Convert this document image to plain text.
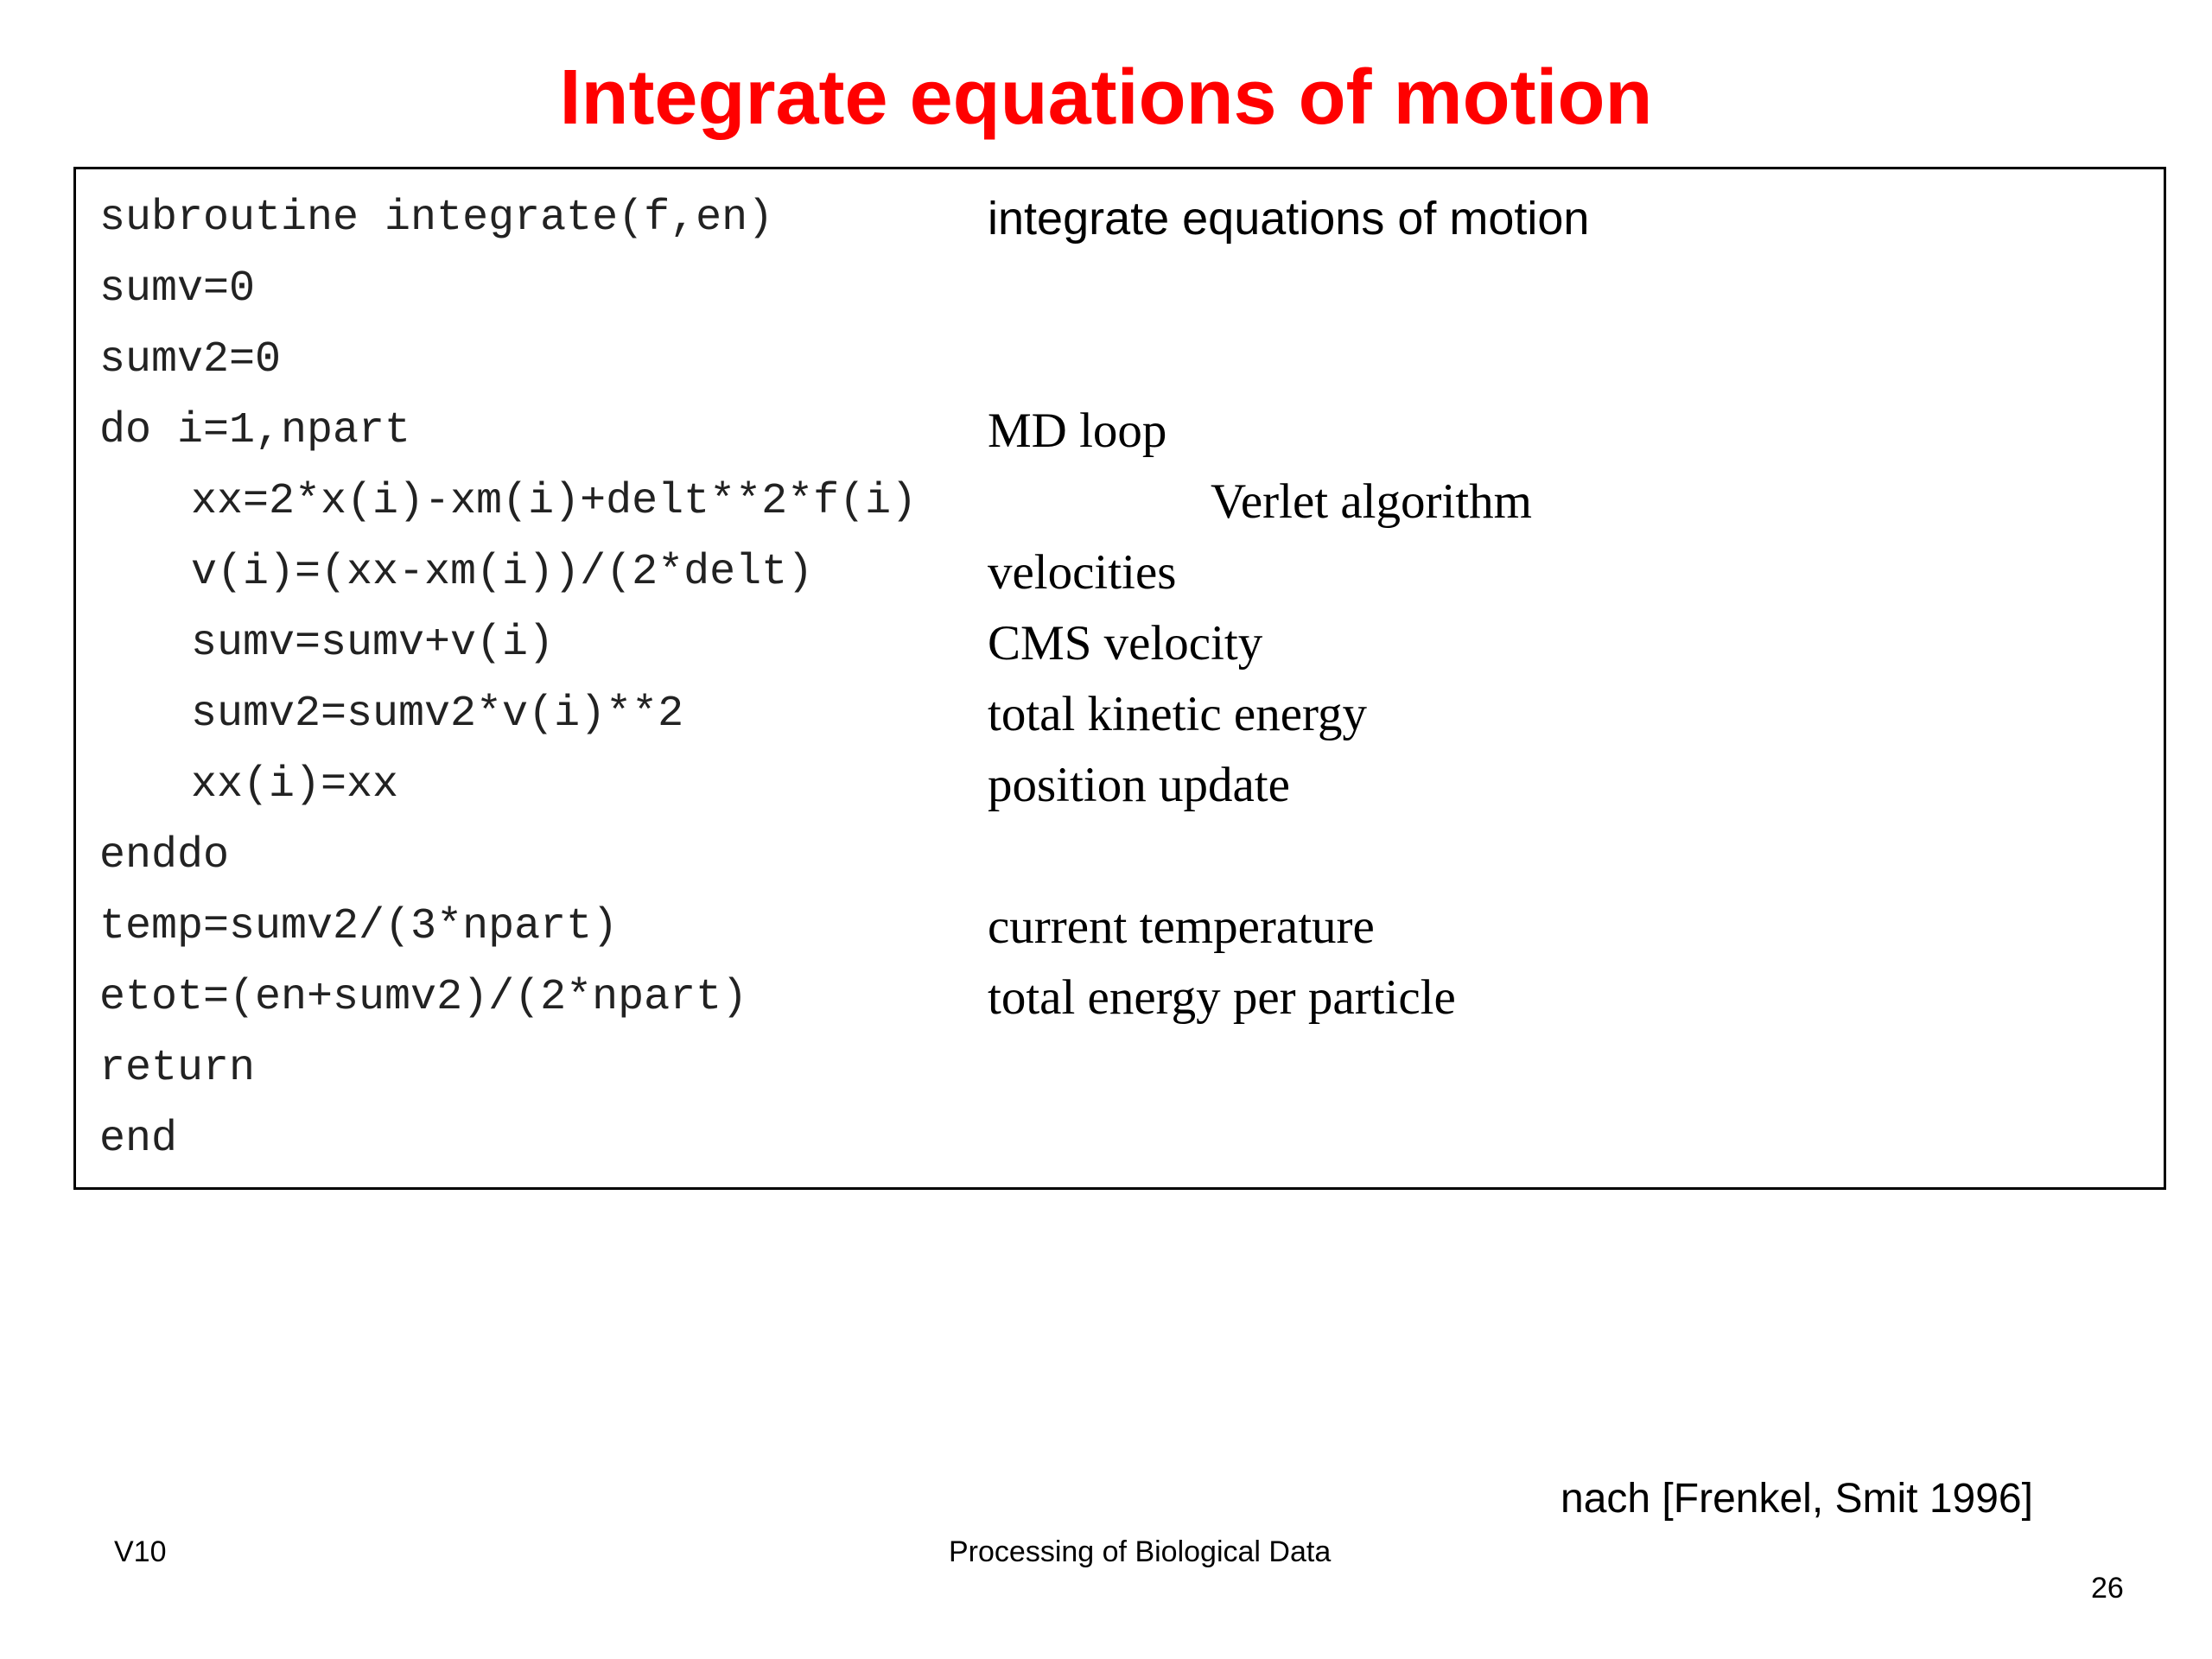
Integrate equations of motion
subroutine integrate(f,en)	integrate equations of motion
sumv=0
sumv2=0
do i=1,npart	MD loop
xx=2*x(i)-xm(i)+delt**2*f(i)	Verlet algorithm
v(i)=(xx-xm(i))/(2*delt)	velocities
sumv=sumv+v(i)	CMS velocity
sumv2=sumv2*v(i)**2	total kinetic energy
xx(i)=xx	position update
enddo
temp=sumv2/(3*npart)	current temperature
etot=(en+sumv2)/(2*npart)	total energy per particle
return
end
nach [Frenkel, Smit 1996]
V10	Processing of Biological Data
26
